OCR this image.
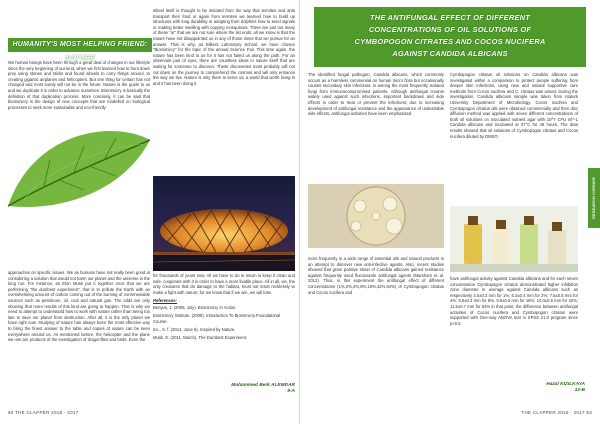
HUMANITY'S MOST HELPING FRIEND: NATURE

We human beings have been through a great deal of changes in our lifestyle since the very beginning of our kind, when we first learned how to hunt down prey using stones and sticks and found wheels to carry things around, to creating gigantic airplanes and helicopters. But one thing for certain has not changed and most surely will not be in the future: Nature is the guide to us and we duplicate it in order to advance ourselves. Biomimicry is basically the definition of that duplication process. More concisely, it can be said that biomimicry is the design of new concepts that are modelled on biological processes to seek more sustainable and eco-friendly

approaches on specific issues. We as humans have not really been good at considering a solution that would not harm our planet and the universe in the long run. For instance, as Elon Musk put it together once that we are performing "the dumbest experiment", that is to pollute the Earth with an overwhelming amount of carbon coming out of the burning of nonrenewable sources such as petroleum, oil, coal and natural gas. The odds are only showing that more results of this kind are going to happen. That is why we need to attempt to understand how to work with nature rather than being too late to save our planet from destruction. After all, it is the only planet we have right now. Studying of nature has always been the most effective way to bring the finest answer to the table and copies of nature can be seen everywhere around us. As mentioned before, the helicopter and the plane we use are products of the investigation of dragonflies and birds. Even the

wheel itself is thought to be imitated from the way that termites and ants transport their food or again from termites we learned how to build up structures with long durability or adopting from dolphins how to send signals or making better swelling with copying mosquitoes. There are just too many of these "or" that we are not sure where the list ends; all we know is that the nature have not disappointed us in any of those times that we pursue for an answer. That is why, as Bilkent Laboratory School, we have chosen "Biomimicry" for the topic of the annual Science Fair. This time again, the nature has been kind to us for it has not failed us along the path. For an observant pair of eyes, there are countless ideas in nature itself that are waiting for someone to discover. These discoveries most probably will not cut down on the journey to comprehend the cosmos and will only enhance the way we live. Nature is only there to serve us; a world that worth living in and it has been doing it

for thousands of years now. All we have to do in return is keep it clean and safe, cooperate with it in order to have a more livable place. All in all, we, the only creatures that do damage to the habitat, must not insist recklessly to make a fight with nature; for we know that if we win, we will lose.

References:
Benyus, J. (2009, July). Biomimicry in Action.
Biomimicry Institute. (2008). Introduction To Biomimicry.Foundational Course.
Inc., S. f. (2014, June 6). Inspired by Nature.
Musk, E. (2011, March). The Dumbest Experiment.
Muhammed Berk ALEMDAR
9-A
62 THE CLAPPER 2016 - 2017
THE ANTIFUNGAL EFFECT OF DIFFERENT
CONCENTRATIONS OF OIL SOLUTIONS OF
CYMBOPOGON CITRATES AND COCOS NUCIFERA
AGAINST CANDIDA ALBICANS

The identified fungal pathogen, Candida albicans, which commonly occurs as a harmless commensal on human micro flora but occasionally causes secondary skin infections, is among the most frequently isolated fungi from immunocompromised patients. Although antifungal creams widely used against such infections, important backdraws and side effects in order to treat or prevent the infections; due to increasing development of antifungal resistance and the appearance of undesirable side effects, antifungal activities have been emphasized

more frequently in a wide range of essential oils and natural products in an attempt to discover new anti-infective agents. Also, recent studies showed that gram positive strain of Candida albicans gained resistance against frequently used fluconazole antifungal agents (Marsham et al. 2012). Thus, in this experiment the antifungal effect of different concentrations (1%,2%,4%,8%,16%,32%,64%) of Cymbopogon citratus and Cocos nucifera and

Cymbopogon citratus oil solutions on Candida albicans was investigated within a comparison to protect people suffering from deeper skin infections, using new and natural supportive care methods from Cocos nucifera and C. citratus was aimed. During the investigation, Candida albicans sample was taken from Ataturk University Department of Microbiology. Cocos nucifera and Cymbopogon citratus oils were obtained commercially and then disc diffusion method was applied with seven different concentrations of both oil solutions on inoculated nutrient agar with 10^7 CFU ml^-1 Candida albicans and incubated at 37°C for 48 hours. The data results showed that oil solutions of Cymbopogon citratus and Cocos nucifera diluted by DMSO

have antifungal activity against Candida albicans and for each seven concentration Cymbopogon citratus demonstrated higher inhibition zone diameter in average against Candida albicans such as respectively 4.5±0.3 mm for 1%; 6.3±0.4 mm for 2%; 7.5±0.5 mm for 4%; 8.5±0.3 mm for 8%, 9.5±0.5 mm for 16%; 10.0±0.5 mm for 32%; 11.5±0.7 mm for 64% in that point, the difference between antifungal activities of Cocos nucifera and Cymbopogon citratus were supported with One-way ANOVA test in SPSS 21.0 program since p<0.5.

RESEARCH CORNER
Hazal KIZILKAYA
12-B
THE CLAPPER 2016 - 2017 63
